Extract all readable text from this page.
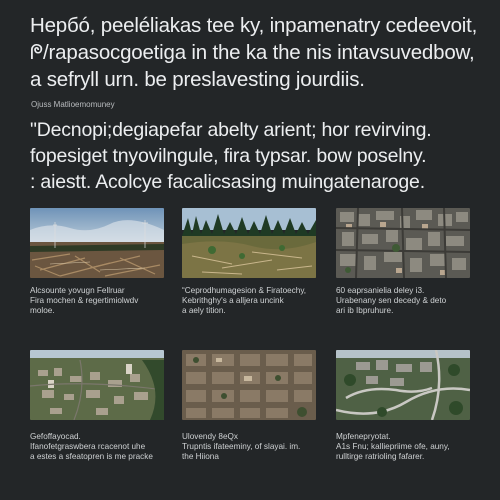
Hepбó, peeléliakas tee ky, inpamenatry cedeevoit,
ᖘ/rapasocgoetiga in the ka the nis intavsuvedbow,
a sefryll urn. be preslavesting jourdiis.
Ojuss Matlioemomuney
"Decnopi;degiapefar abelty arient; hor revirving.
fopesiget tnyovilngule, fira typsar. bow poselny.
: aiestt. Acolcye facalicsasing muingatenaroge.
Alcsounte yovugn Fellruar
Fira mochen & regertimiolwdv
moloe.
“Ceprodhumagesion & Firatoechy,
Kebrithghy's a alljera uncink
a aely tition.
60 eaprsanielia deley i3.
Urabenany sen decedy & deto
ari ib Ibpruhure.
Gefoffayocad.
Ifanofetgraswbera rcacenot uhe
a estes a sfeatopren is me pracke
Ulovendy 8eQx
Trupntis ifateeminy, of slayai. im.
the Hiiona
Mpfenepryotat.
A1s Fnu; kalliepriime ofe, auny,
rulltirge ratrioling fafarer.
